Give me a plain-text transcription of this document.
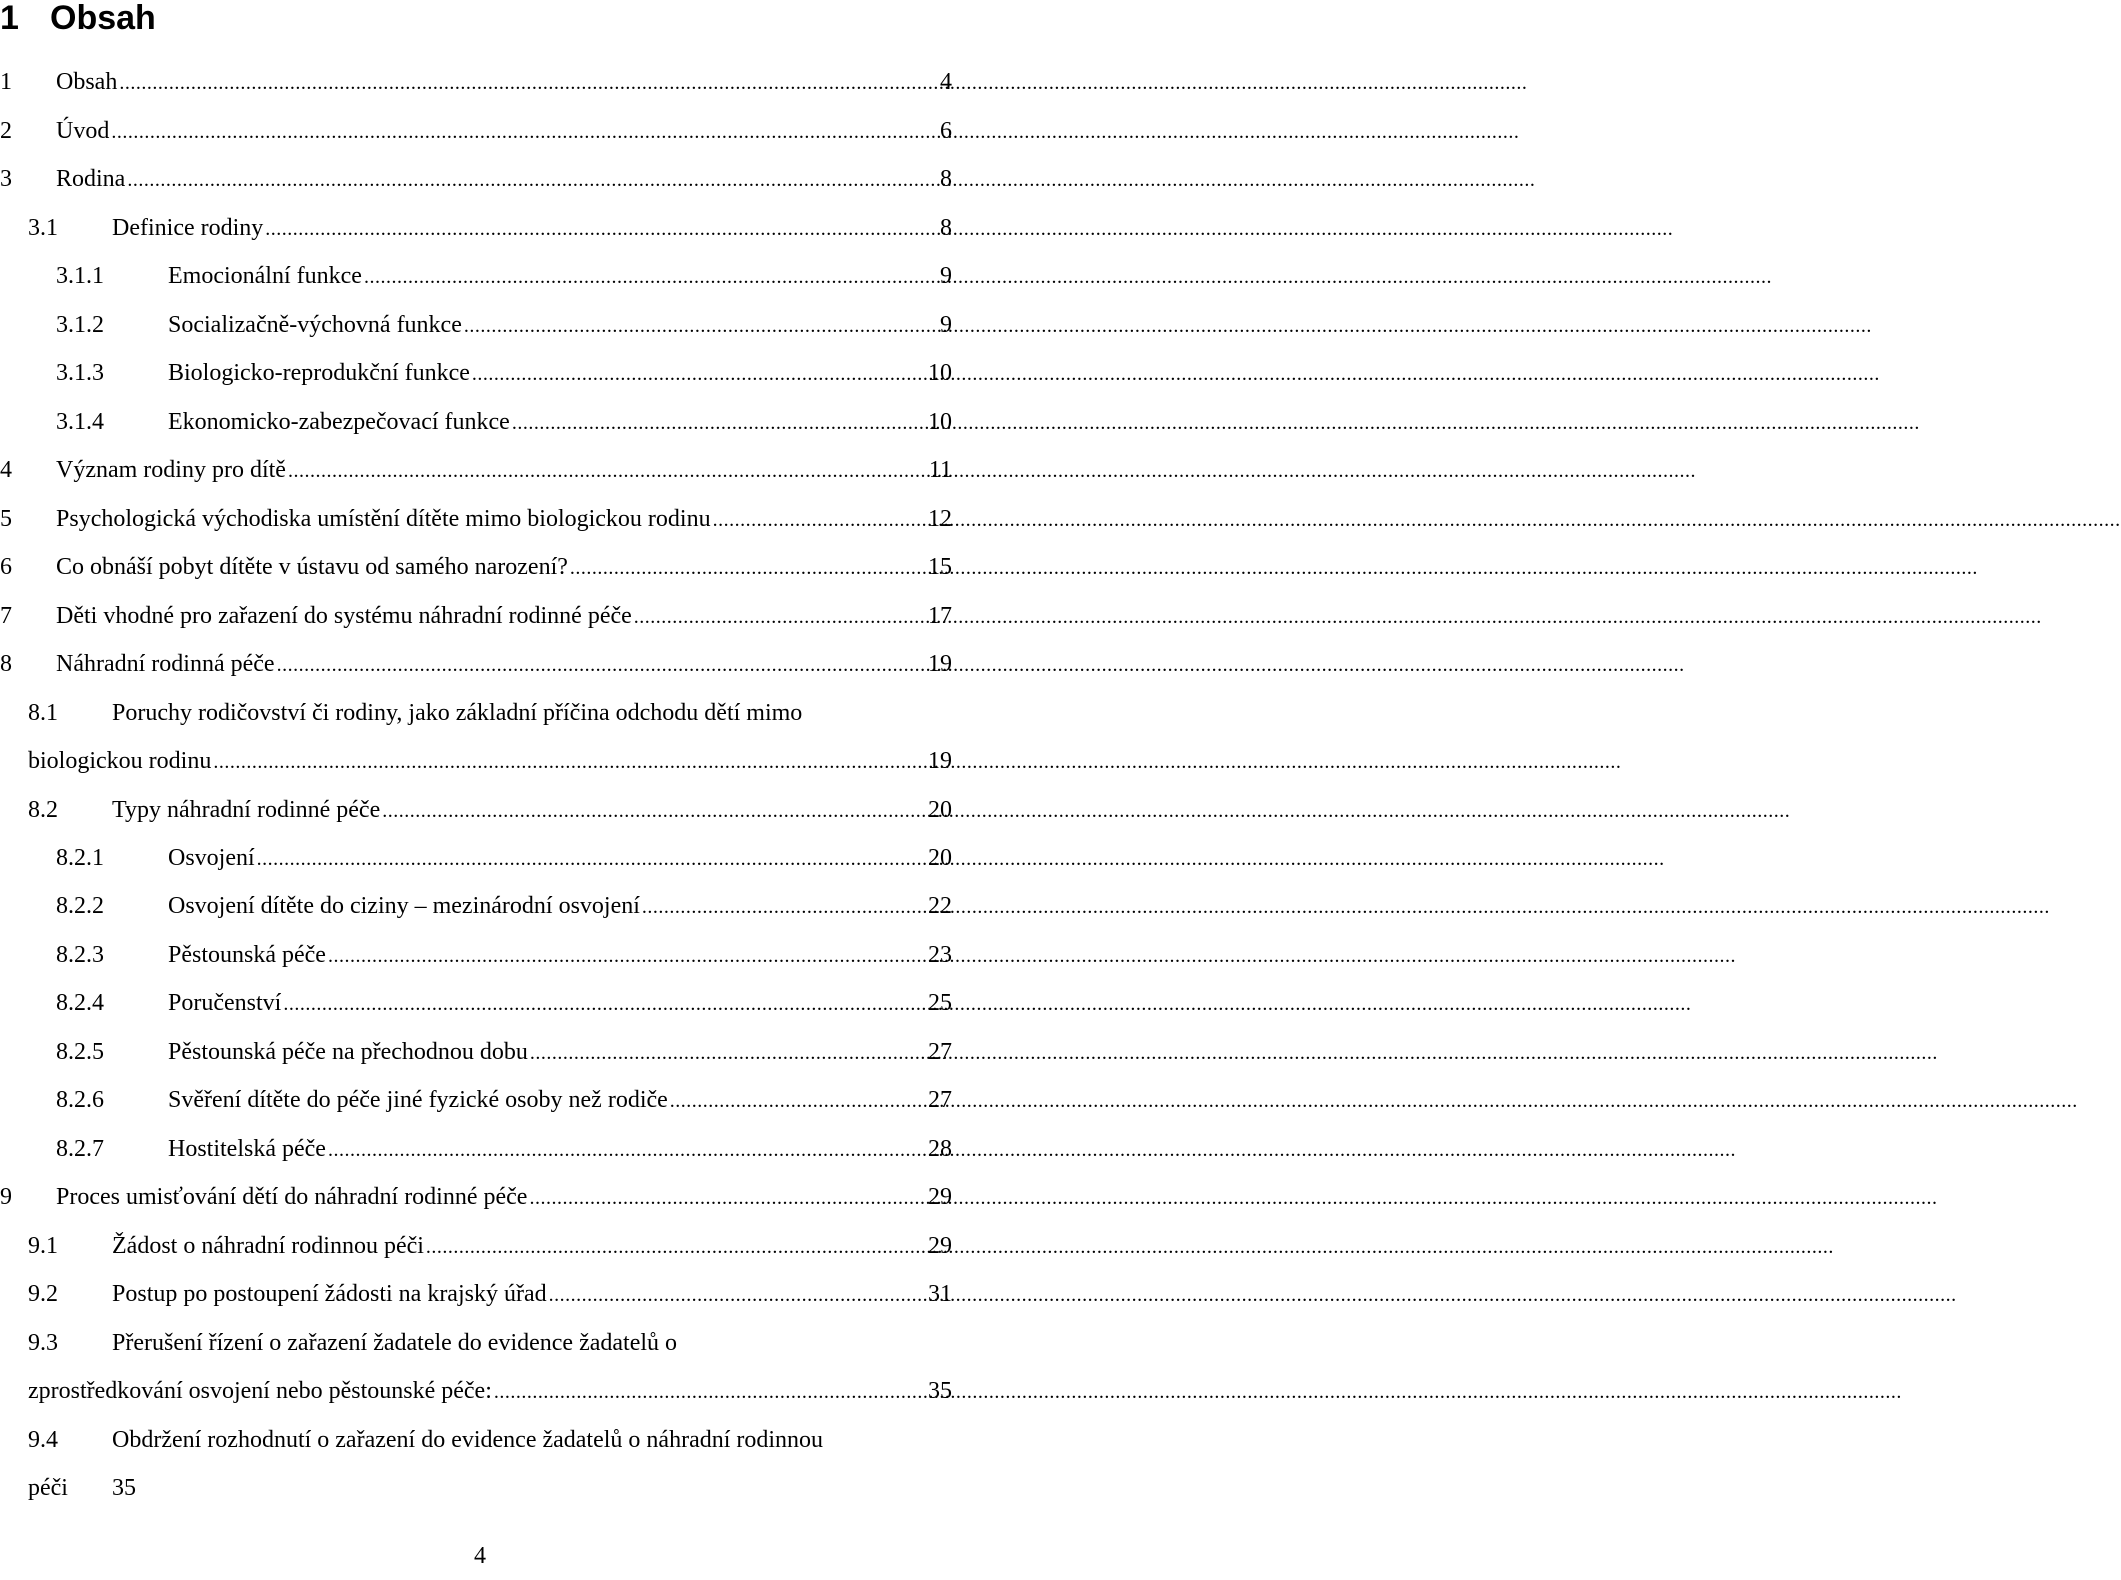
1 Obsah
1	Obsah .....	4
2	Úvod .....	6
3	Rodina .....	8
3.1	Definice rodiny .....	8
3.1.1	Emocionální funkce .....	9
3.1.2	Socializačně-výchovná funkce .....	9
3.1.3	Biologicko-reprodukční funkce .....	10
3.1.4	Ekonomicko-zabezpečovací funkce .....	10
4	Význam rodiny pro dítě .....	11
5	Psychologická východiska umístění dítěte mimo biologickou rodinu .....	12
6	Co obnáší pobyt dítěte v ústavu od samého narození? .....	15
7	Děti vhodné pro zařazení do systému náhradní rodinné péče .....	17
8	Náhradní rodinná péče .....	19
8.1 Poruchy rodičovství či rodiny, jako základní příčina odchodu dětí mimo
biologickou rodinu .....	19
8.2	Typy náhradní rodinné péče .....	20
8.2.1	Osvojení .....	20
8.2.2	Osvojení dítěte do ciziny – mezinárodní osvojení .....	22
8.2.3	Pěstounská péče .....	23
8.2.4	Poručenství .....	25
8.2.5	Pěstounská péče na přechodnou dobu .....	27
8.2.6	Svěření dítěte do péče jiné fyzické osoby než rodiče .....	27
8.2.7	Hostitelská péče .....	28
9	Proces umisťování dětí do náhradní rodinné péče .....	29
9.1	Žádost o náhradní rodinnou péči .....	29
9.2	Postup po postoupení žádosti na krajský úřad .....	31
9.3 Přerušení řízení o zařazení žadatele do evidence žadatelů o
zprostředkování osvojení nebo pěstounské péče: .....	35
9.4 Obdržení rozhodnutí o zařazení do evidence žadatelů o náhradní rodinnou
péči 35
4
